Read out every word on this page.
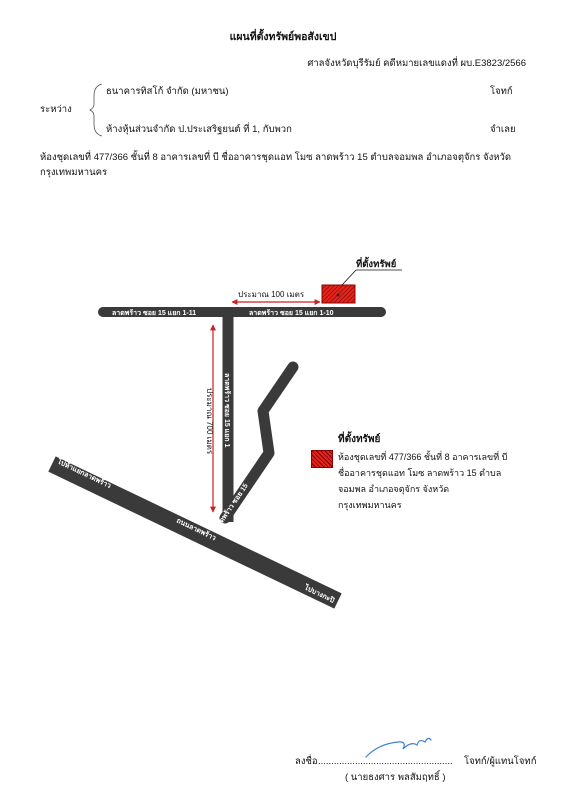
แผนที่ตั้งทรัพย์พอสังเขป
ศาลจังหวัดบุรีรัมย์ คดีหมายเลขแดงที่ ผบ.E3823/2566
ธนาคารทิสโก้ จำกัด (มหาชน)	โจทก์
ระหว่าง
ห้างหุ้นส่วนจำกัด ป.ประเสริฐยนต์ ที่ 1, กับพวก	จำเลย
ห้องชุดเลขที่ 477/366 ชั้นที่ 8 อาคารเลขที่ บี ชื่ออาคารชุดแอท โมซ ลาดพร้าว 15 ตำบลจอมพล อำเภอจตุจักร จังหวัด
กรุงเทพมหานคร
ลาดพร้าว ซอย 15 แยก 1-11	ลาดพร้าว ซอย 15 แยก 1-10
ลาดพร้าว ซอย 15 แยก 1
ลาดพร้าว ซอย 15
ถนนลาดพร้าว
ไปห้าแยกลาดพร้าว
ไปบางกะปิ
ประมาณ 100 เมตร
ประมาณ 700 เมตร
ที่ตั้งทรัพย์
ที่ตั้งทรัพย์
ห้องชุดเลขที่ 477/366 ชั้นที่ 8 อาคารเลขที่ บี
ชื่ออาคารชุดแอท โมซ ลาดพร้าว 15 ตำบล
จอมพล อำเภอจตุจักร จังหวัด
กรุงเทพมหานคร
ลงชื่อ ................................................... โจทก์/ผู้แทนโจทก์
( นายธงศาร พลสัมฤทธิ์ )
